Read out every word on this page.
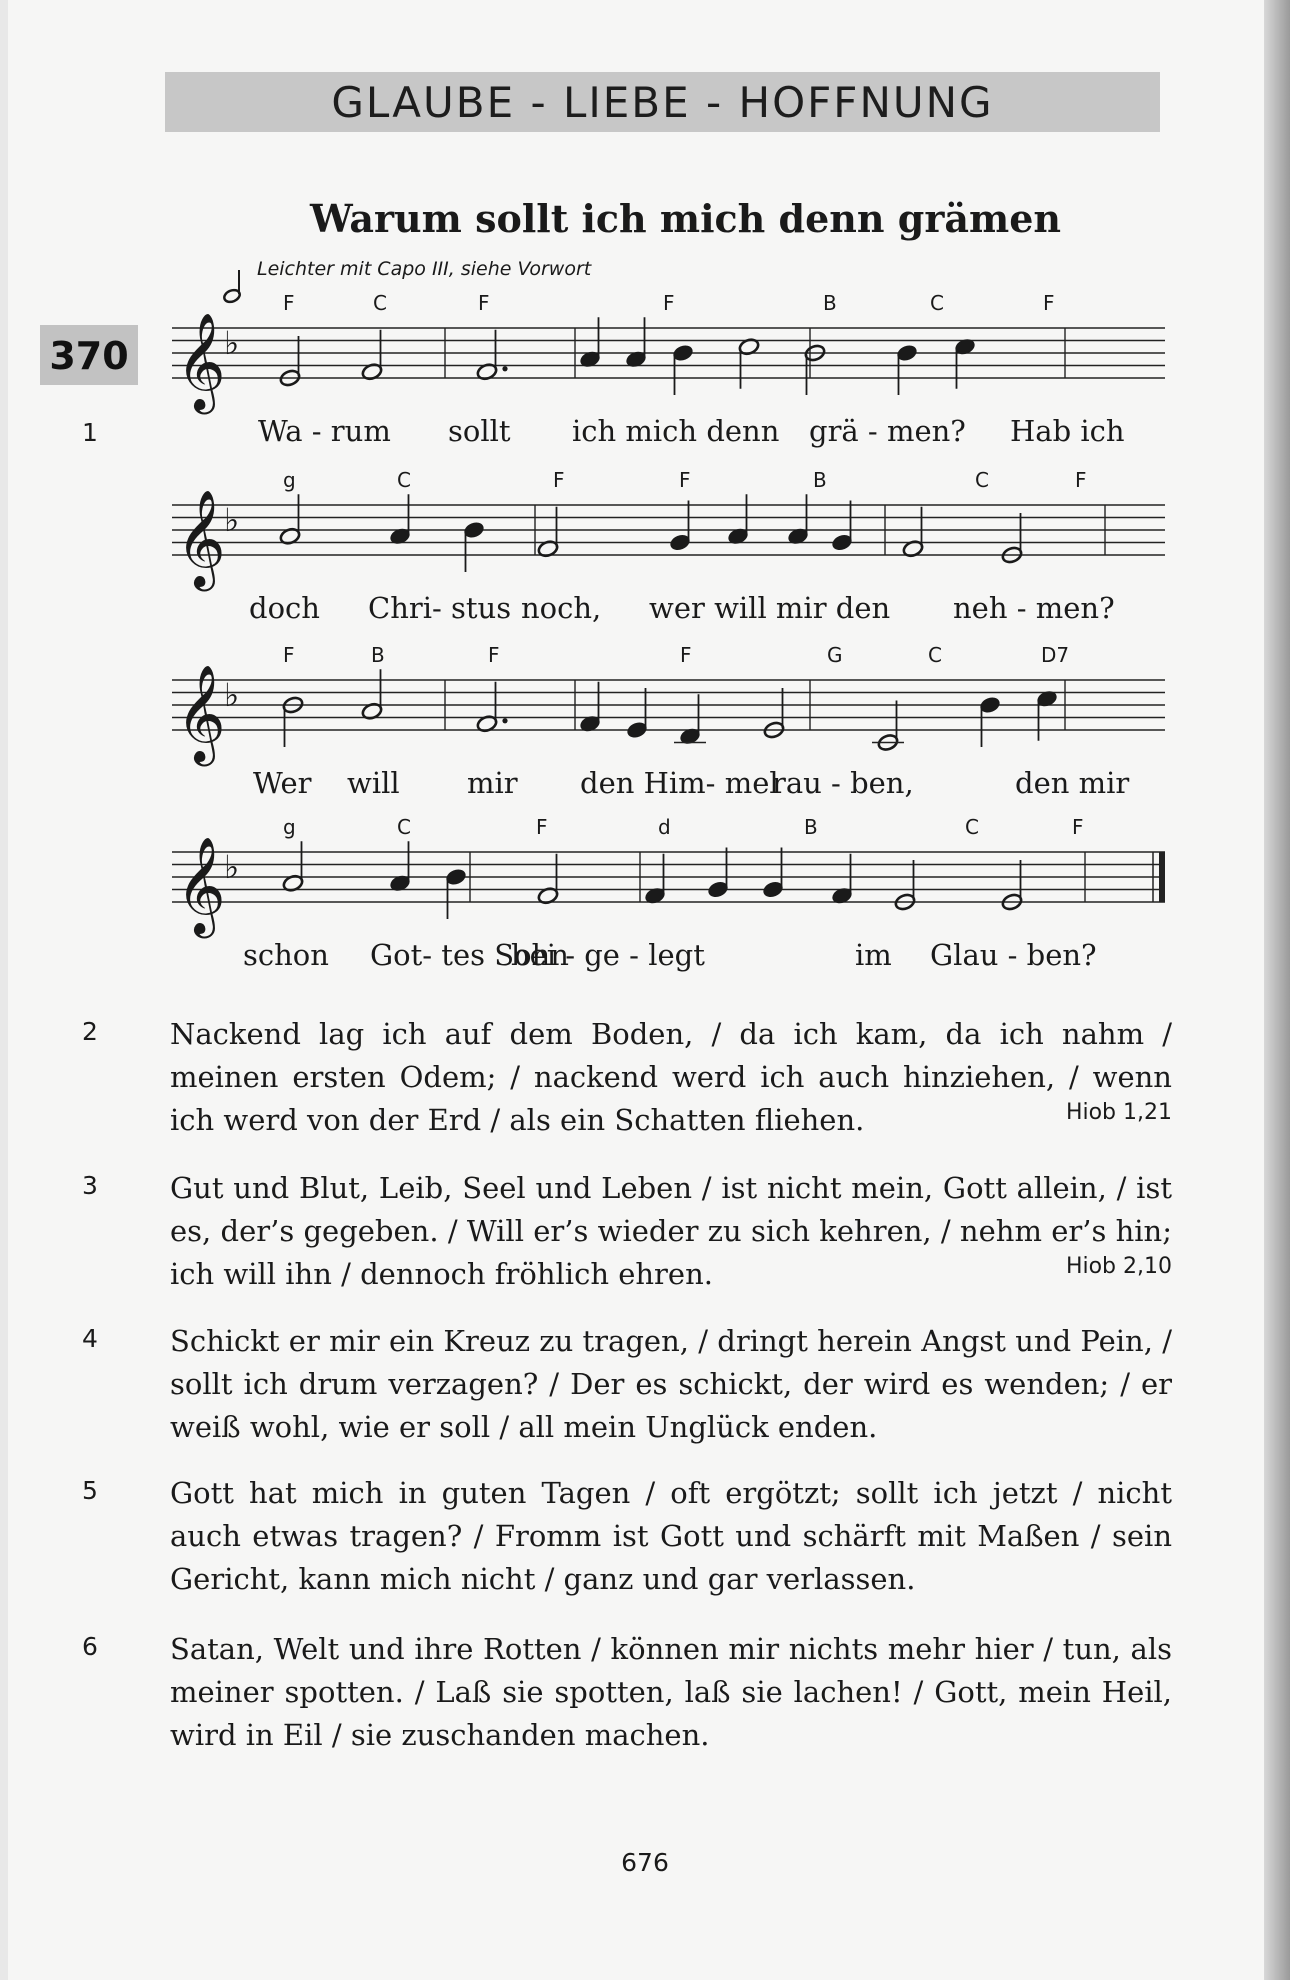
GLAUBE - LIEBE - HOFFNUNG
370
Warum sollt ich mich denn grämen
Leichter mit Capo III, siehe Vorwort
𝄞
♭
F	C	F	F	B	C	F
Wa - rum sollt ich mich denn grä - men? Hab ich
𝄞
♭
g	C	F	F	B	C	F
doch Chri- stus noch, wer will mir den neh - men?
𝄞
♭
F	B	F	F	G	C	D7
Wer will mir den Him- mel
rau - ben,	den mir
𝄞
♭
g	C	F	d	B	C	F
schon Got- tes Sohn
bei - ge - legt	im Glau - ben?
1
2 Nackend lag ich auf dem Boden, / da ich kam, da ich nahm / meinen ersten Odem; / nackend werd ich auch hinziehen, / wenn ich werd von der Erd / als ein Schatten fliehen.	Hiob 1,21

3 Gut und Blut, Leib, Seel und Leben / ist nicht mein, Gott allein, / ist es, der’s gegeben. / Will er’s wieder zu sich kehren, / nehm er’s hin; ich will ihn / dennoch fröhlich ehren.	Hiob 2,10

4 Schickt er mir ein Kreuz zu tragen, / dringt herein Angst und Pein, / sollt ich drum verzagen? / Der es schickt, der wird es wenden; / er weiß wohl, wie er soll / all mein Unglück enden.

5 Gott hat mich in guten Tagen / oft ergötzt; sollt ich jetzt / nicht auch etwas tragen? / Fromm ist Gott und schärft mit Maßen / sein Gericht, kann mich nicht / ganz und gar verlassen.

6 Satan, Welt und ihre Rotten / können mir nichts mehr hier / tun, als meiner spotten. / Laß sie spotten, laß sie lachen! / Gott, mein Heil, wird in Eil / sie zuschanden machen.

676
